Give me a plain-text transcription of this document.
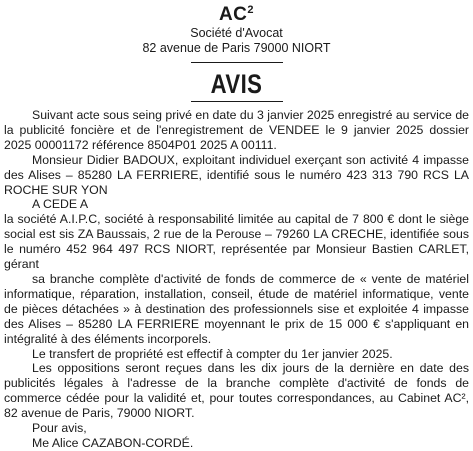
$AC^2$
Société d'Avocat
82 avenue de Paris 79000 NIORT
AVIS

Suivant acte sous seing privé en date du 3 janvier 2025 enregistré au service de la publicité foncière et de l'enregistrement de VENDEE le 9 janvier 2025 dossier 2025 00001172 référence 8504P01 2025 A 00111.

Monsieur Didier BADOUX, exploitant individuel exerçant son activité 4 impasse des Alises – 85280 LA FERRIERE, identifié sous le numéro 423 313 790 RCS LA ROCHE SUR YON

A CEDE A

la société A.I.P.C, société à responsabilité limitée au capital de 7 800 € dont le siège social est sis ZA Baussais, 2 rue de la Perouse – 79260 LA CRECHE, identifiée sous le numéro 452 964 497 RCS NIORT, représentée par Monsieur Bastien CARLET, gérant

sa branche complète d'activité de fonds de commerce de « vente de matériel informatique, réparation, installation, conseil, étude de matériel informatique, vente de pièces détachées » à destination des professionnels sise et exploitée 4 impasse des Alises – 85280 LA FERRIERE moyennant le prix de 15 000 € s'appliquant en intégralité à des éléments incorporels.

Le transfert de propriété est effectif à compter du 1er janvier 2025.

Les oppositions seront reçues dans les dix jours de la dernière en date des publicités légales à l'adresse de la branche complète d'activité de fonds de commerce cédée pour la validité et, pour toutes correspondances, au Cabinet AC², 82 avenue de Paris, 79000 NIORT.

Pour avis,

Me Alice CAZABON-CORDÉ.
